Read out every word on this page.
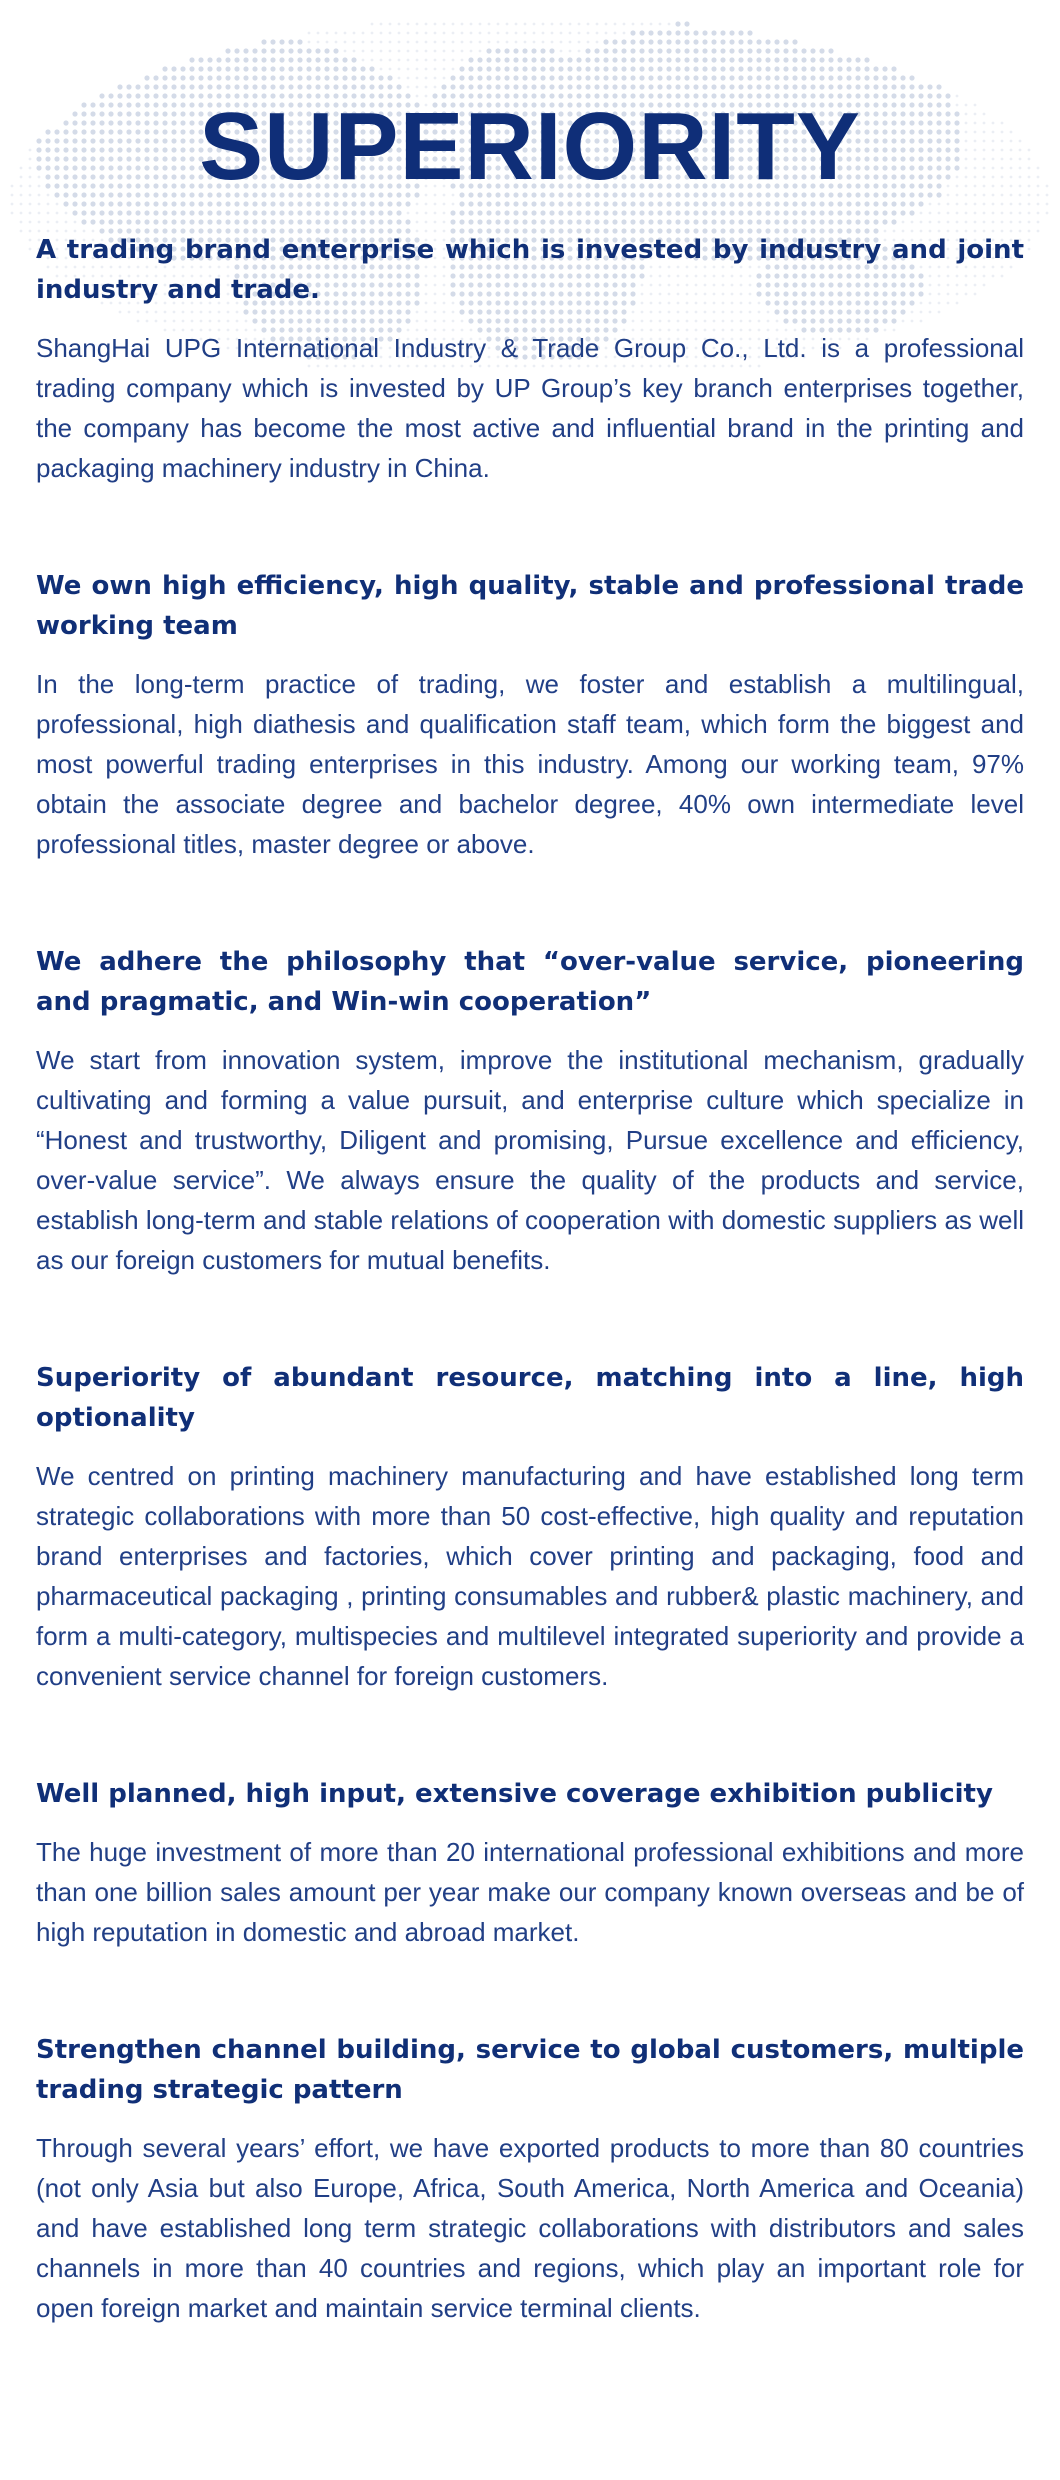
SUPERIORITY
A trading brand enterprise which is invested by industry and joint industry and trade.

ShangHai UPG International Industry & Trade Group Co., Ltd. is a professional trading company which is invested by UP Group’s key branch enterprises together, the company has become the most active and influential brand in the printing and packaging machinery industry in China.

We own high efficiency, high quality, stable and professional trade working team

In the long-term practice of trading, we foster and establish a multilingual, professional, high diathesis and qualification staff team, which form the biggest and most powerful trading enterprises in this industry. Among our working team, 97% obtain the associate degree and bachelor degree, 40% own intermediate level professional titles, master degree or above.

We adhere the philosophy that “over-value service, pioneering and pragmatic, and Win-win cooperation”

We start from innovation system, improve the institutional mechanism, gradually cultivating and forming a value pursuit, and enterprise culture which specialize in “Honest and trustworthy, Diligent and promising, Pursue excellence and efficiency, over-value service”. We always ensure the quality of the products and service, establish long-term and stable relations of cooperation with domestic suppliers as well as our foreign customers for mutual benefits.

Superiority of abundant resource, matching into a line, high optionality

We centred on printing machinery manufacturing and have established long term strategic collaborations with more than 50 cost-effective, high quality and reputation brand enterprises and factories, which cover printing and packaging, food and pharmaceutical packaging , printing consumables and rubber& plastic machinery, and form a multi-category, multispecies and multilevel integrated superiority and provide a convenient service channel for foreign customers.

Well planned, high input, extensive coverage exhibition publicity

The huge investment of more than 20 international professional exhibitions and more than one billion sales amount per year make our company known overseas and be of high reputation in domestic and abroad market.

Strengthen channel building, service to global customers, multiple trading strategic pattern

Through several years’ effort, we have exported products to more than 80 countries (not only Asia but also Europe, Africa, South America, North America and Oceania) and have established long term strategic collaborations with distributors and sales channels in more than 40 countries and regions, which play an important role for open foreign market and maintain service terminal clients.
